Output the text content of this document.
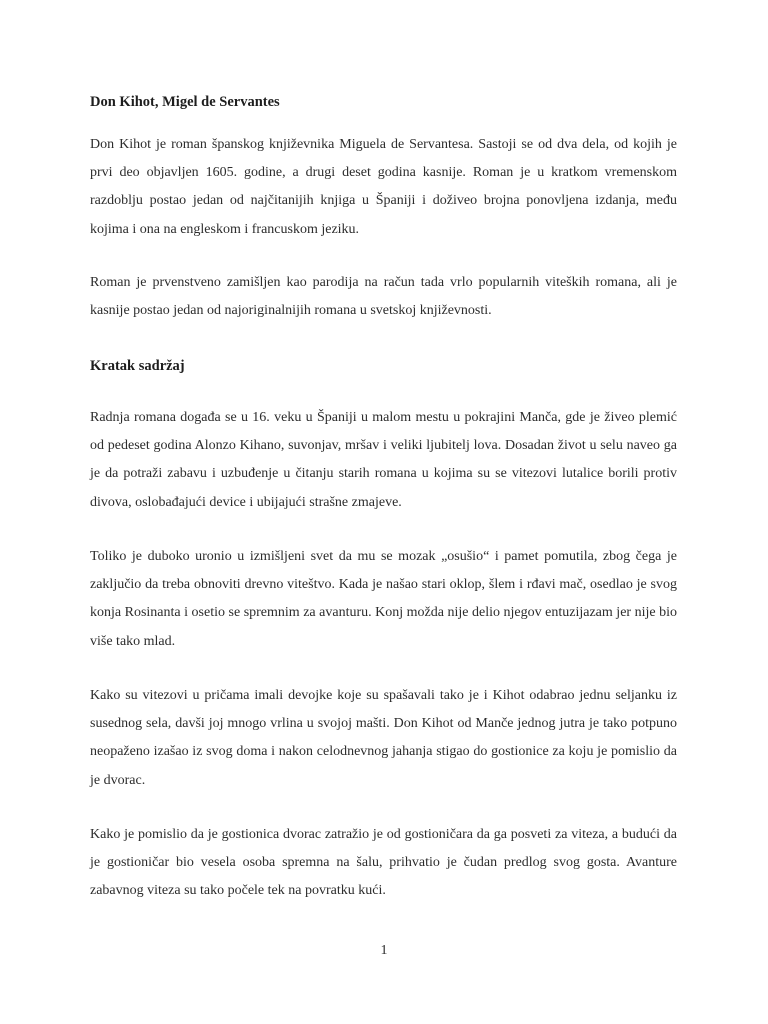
Don Kihot, Migel de Servantes

Don Kihot je roman španskog književnika Miguela de Servantesa. Sastoji se od dva dela, od kojih je prvi deo objavljen 1605. godine, a drugi deset godina kasnije. Roman je u kratkom vremenskom razdoblju postao jedan od najčitanijih knjiga u Španiji i doživeo brojna ponovljena izdanja, među kojima i ona na engleskom i francuskom jeziku.

Roman je prvenstveno zamišljen kao parodija na račun tada vrlo popularnih viteških romana, ali je kasnije postao jedan od najoriginalnijih romana u svetskoj književnosti.

Kratak sadržaj

Radnja romana događa se u 16. veku u Španiji u malom mestu u pokrajini Manča, gde je živeo plemić od pedeset godina Alonzo Kihano, suvonjav, mršav i veliki ljubitelj lova. Dosadan život u selu naveo ga je da potraži zabavu i uzbuđenje u čitanju starih romana u kojima su se vitezovi lutalice borili protiv divova, oslobađajući device i ubijajući strašne zmajeve.

Toliko je duboko uronio u izmišljeni svet da mu se mozak „osušio“ i pamet pomutila, zbog čega je zaključio da treba obnoviti drevno viteštvo. Kada je našao stari oklop, šlem i rđavi mač, osedlao je svog konja Rosinanta i osetio se spremnim za avanturu. Konj možda nije delio njegov entuzijazam jer nije bio više tako mlad.

Kako su vitezovi u pričama imali devojke koje su spašavali tako je i Kihot odabrao jednu seljanku iz susednog sela, davši joj mnogo vrlina u svojoj mašti. Don Kihot od Manče jednog jutra je tako potpuno neopaženo izašao iz svog doma i nakon celodnevnog jahanja stigao do gostionice za koju je pomislio da je dvorac.

Kako je pomislio da je gostionica dvorac zatražio je od gostioničara da ga posveti za viteza, a budući da je gostioničar bio vesela osoba spremna na šalu, prihvatio je čudan predlog svog gosta. Avanture zabavnog viteza su tako počele tek na povratku kući.

1
